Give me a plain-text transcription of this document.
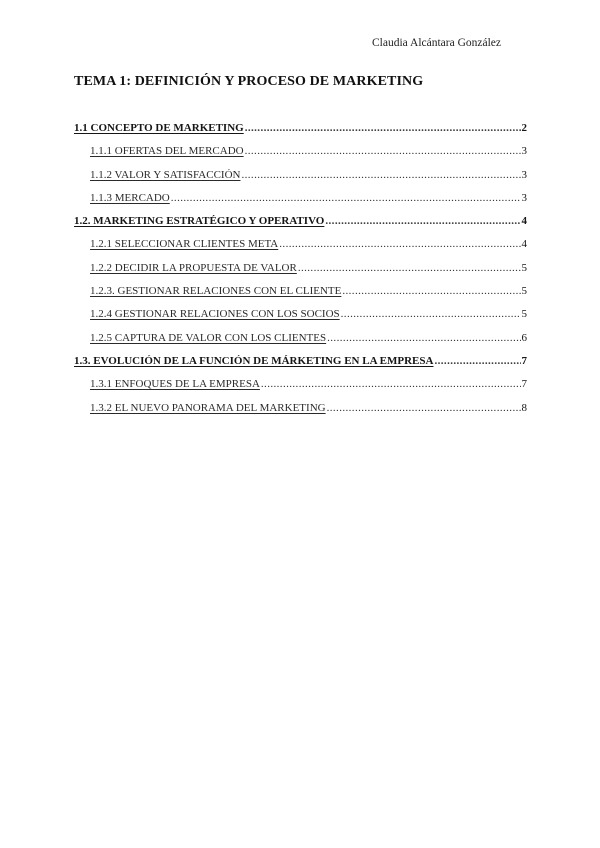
Claudia Alcántara González
TEMA 1: DEFINICIÓN Y PROCESO DE MARKETING
1.1 CONCEPTO DE MARKETING .....	2
1.1.1 OFERTAS DEL MERCADO .....	3
1.1.2 VALOR Y SATISFACCIÓN .....	3
1.1.3 MERCADO .....	3
1.2. MARKETING ESTRATÉGICO Y OPERATIVO .....	4
1.2.1 SELECCIONAR CLIENTES META .....	4
1.2.2 DECIDIR LA PROPUESTA DE VALOR .....	5
1.2.3. GESTIONAR RELACIONES CON EL CLIENTE .....	5
1.2.4 GESTIONAR RELACIONES CON LOS SOCIOS .....	5
1.2.5 CAPTURA DE VALOR CON LOS CLIENTES .....	6
1.3. EVOLUCIÓN DE LA FUNCIÓN DE MÁRKETING EN LA EMPRESA .....	7
1.3.1 ENFOQUES DE LA EMPRESA .....	7
1.3.2 EL NUEVO PANORAMA DEL MARKETING .....	8
